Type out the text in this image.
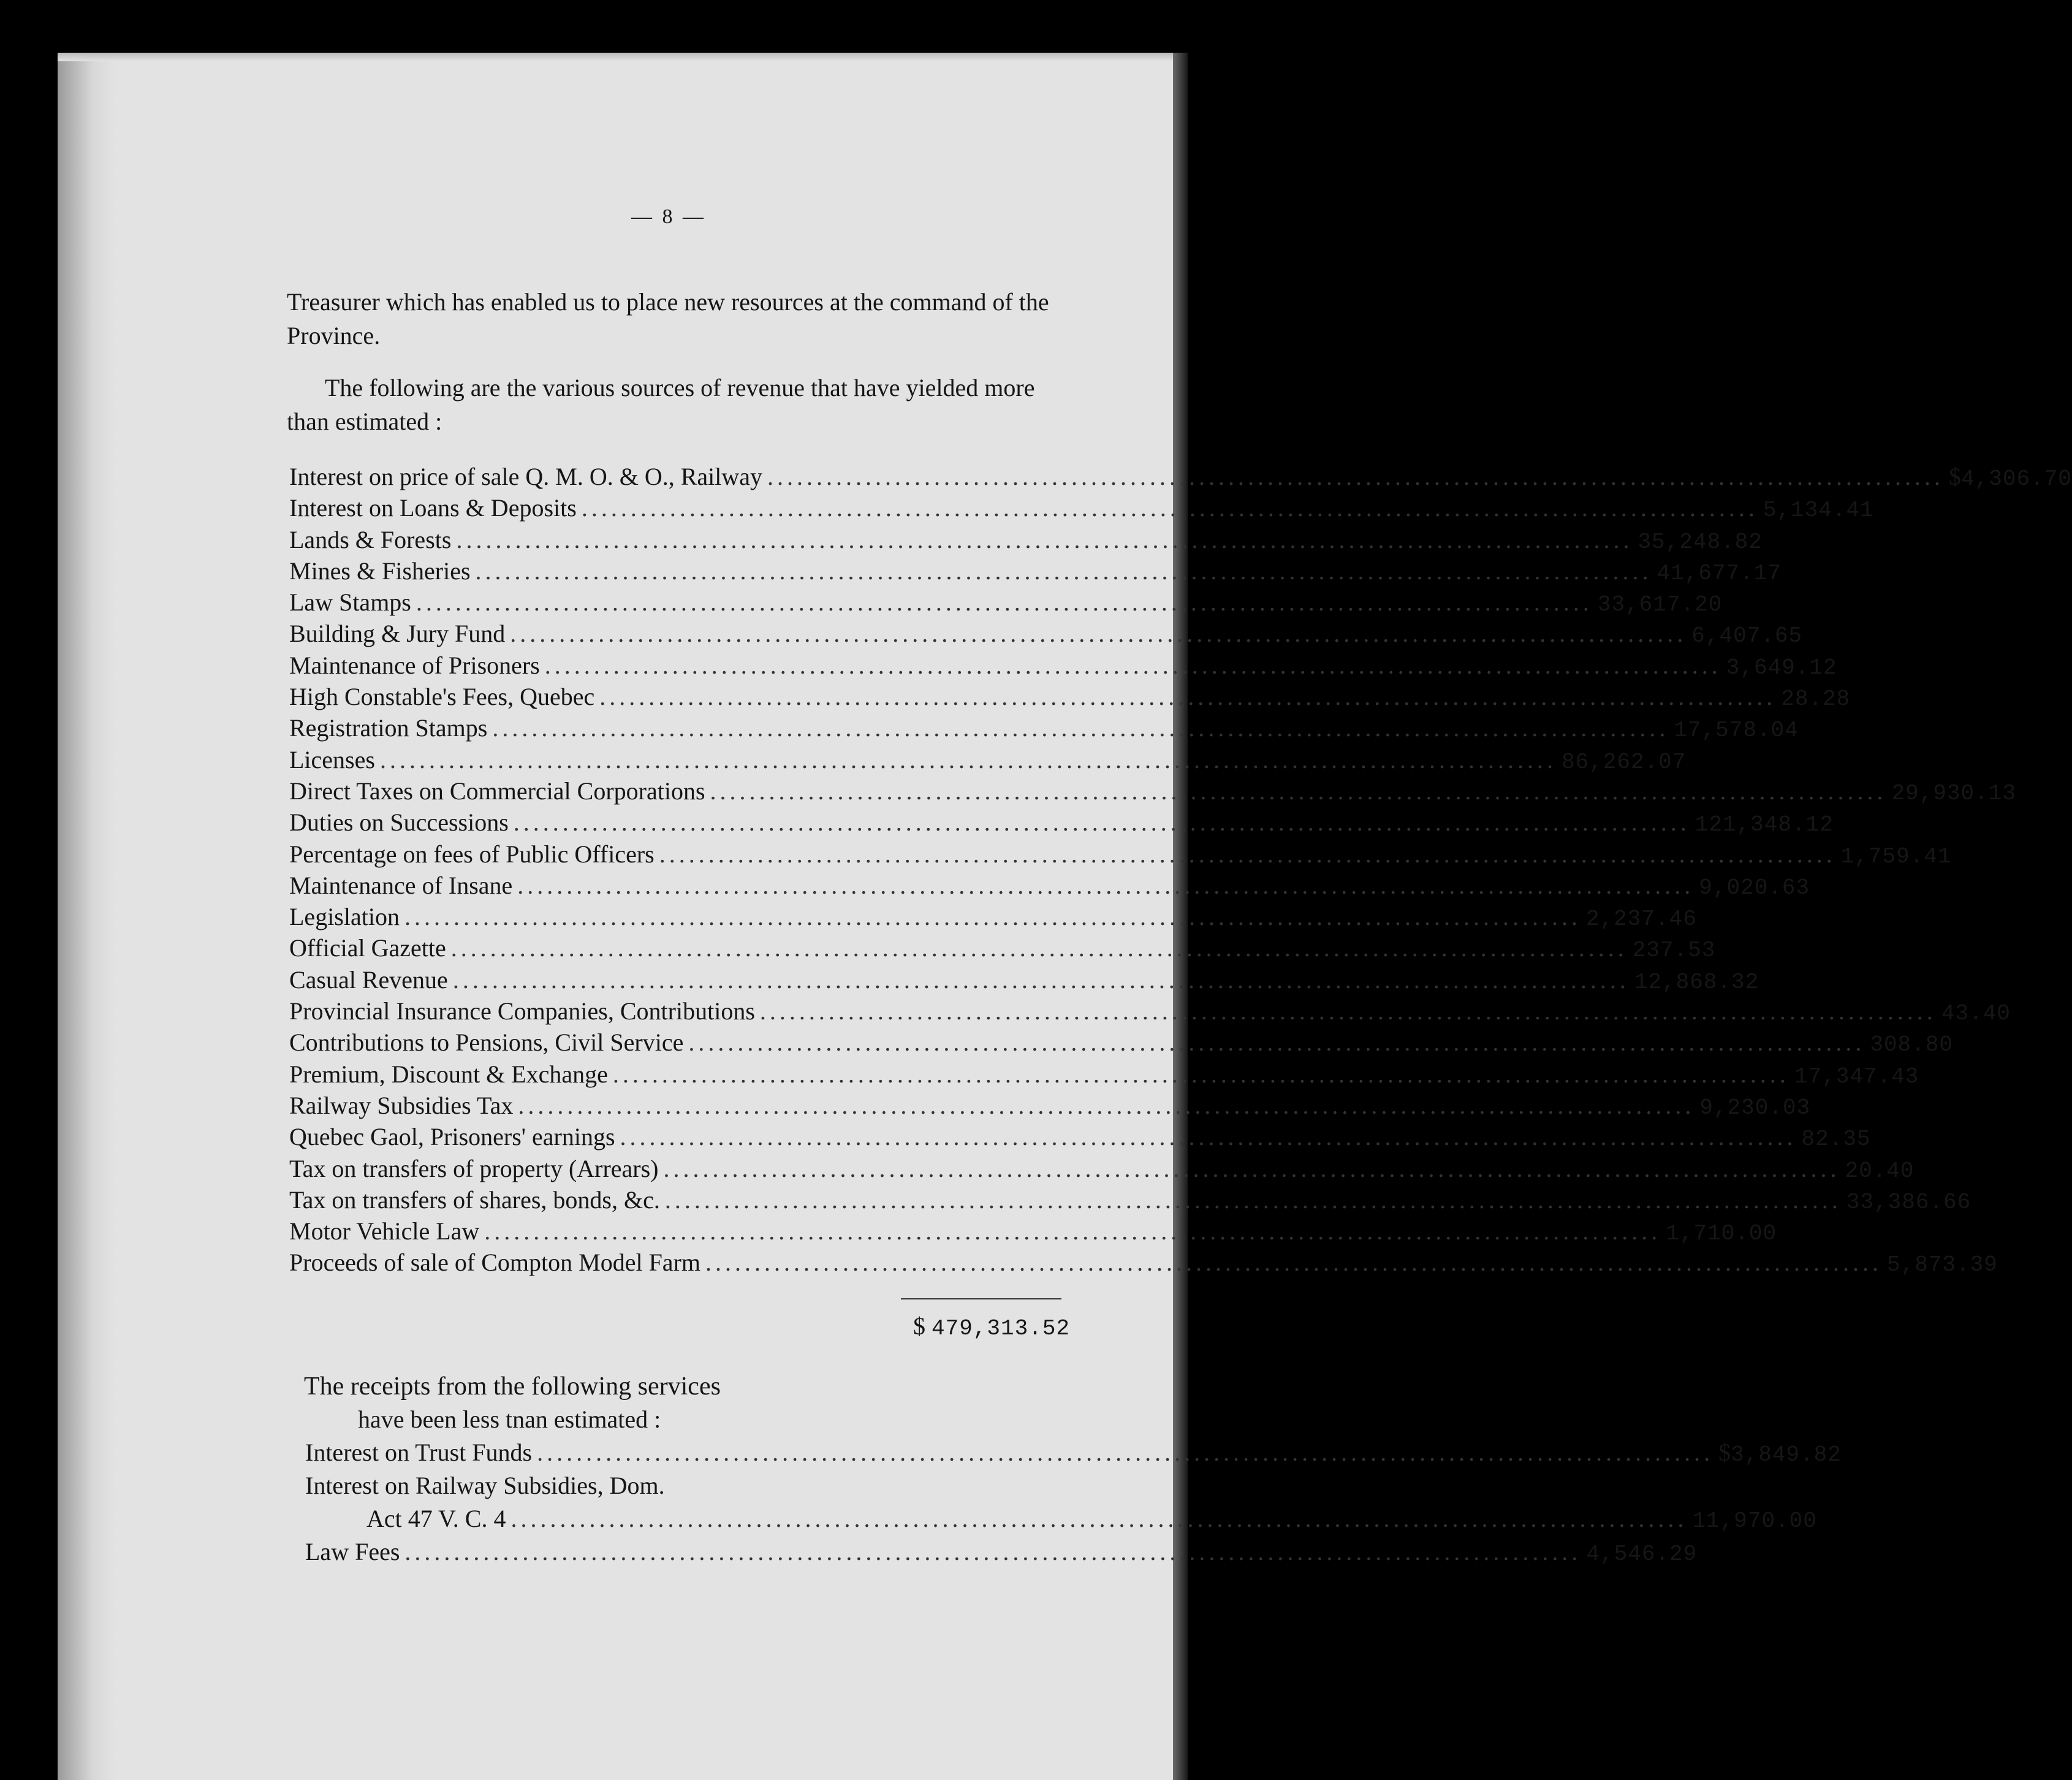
— 8 —
Treasurer which has enabled us to place new resources at the command of the Province.
The following are the various sources of revenue that have yielded more than estimated :
Interest on price of sale Q. M. O. & O., Railway ........................................................................................................................ $ 4,306.70
Interest on Loans & Deposits ........................................................................................................................ 5,134.41
Lands & Forests ........................................................................................................................ 35,248.82
Mines & Fisheries ........................................................................................................................ 41,677.17
Law Stamps ........................................................................................................................ 33,617.20
Building & Jury Fund ........................................................................................................................ 6,407.65
Maintenance of Prisoners ........................................................................................................................ 3,649.12
High Constable's Fees, Quebec ........................................................................................................................ 28.28
Registration Stamps ........................................................................................................................ 17,578.04
Licenses ........................................................................................................................ 86,262.07
Direct Taxes on Commercial Corporations ........................................................................................................................ 29,930.13
Duties on Successions ........................................................................................................................ 121,348.12
Percentage on fees of Public Officers ........................................................................................................................ 1,759.41
Maintenance of Insane ........................................................................................................................ 9,020.63
Legislation ........................................................................................................................ 2,237.46
Official Gazette ........................................................................................................................ 237.53
Casual Revenue ........................................................................................................................ 12,868.32
Provincial Insurance Companies, Contributions ........................................................................................................................ 43.40
Contributions to Pensions, Civil Service ........................................................................................................................ 308.80
Premium, Discount & Exchange ........................................................................................................................ 17,347.43
Railway Subsidies Tax ........................................................................................................................ 9,230.03
Quebec Gaol, Prisoners' earnings ........................................................................................................................ 82.35
Tax on transfers of property (Arrears) ........................................................................................................................ 20.40
Tax on transfers of shares, bonds, &c. ........................................................................................................................ 33,386.66
Motor Vehicle Law ........................................................................................................................ 1,710.00
Proceeds of sale of Compton Model Farm ........................................................................................................................ 5,873.39
$ 479,313.52
The receipts from the following services
have been less tnan estimated :
Interest on Trust Funds ........................................................................................................................ $ 3,849.82
Interest on Railway Subsidies, Dom.
Act 47 V. C. 4 ........................................................................................................................ 11,970.00
Law Fees ........................................................................................................................ 4,546.29
